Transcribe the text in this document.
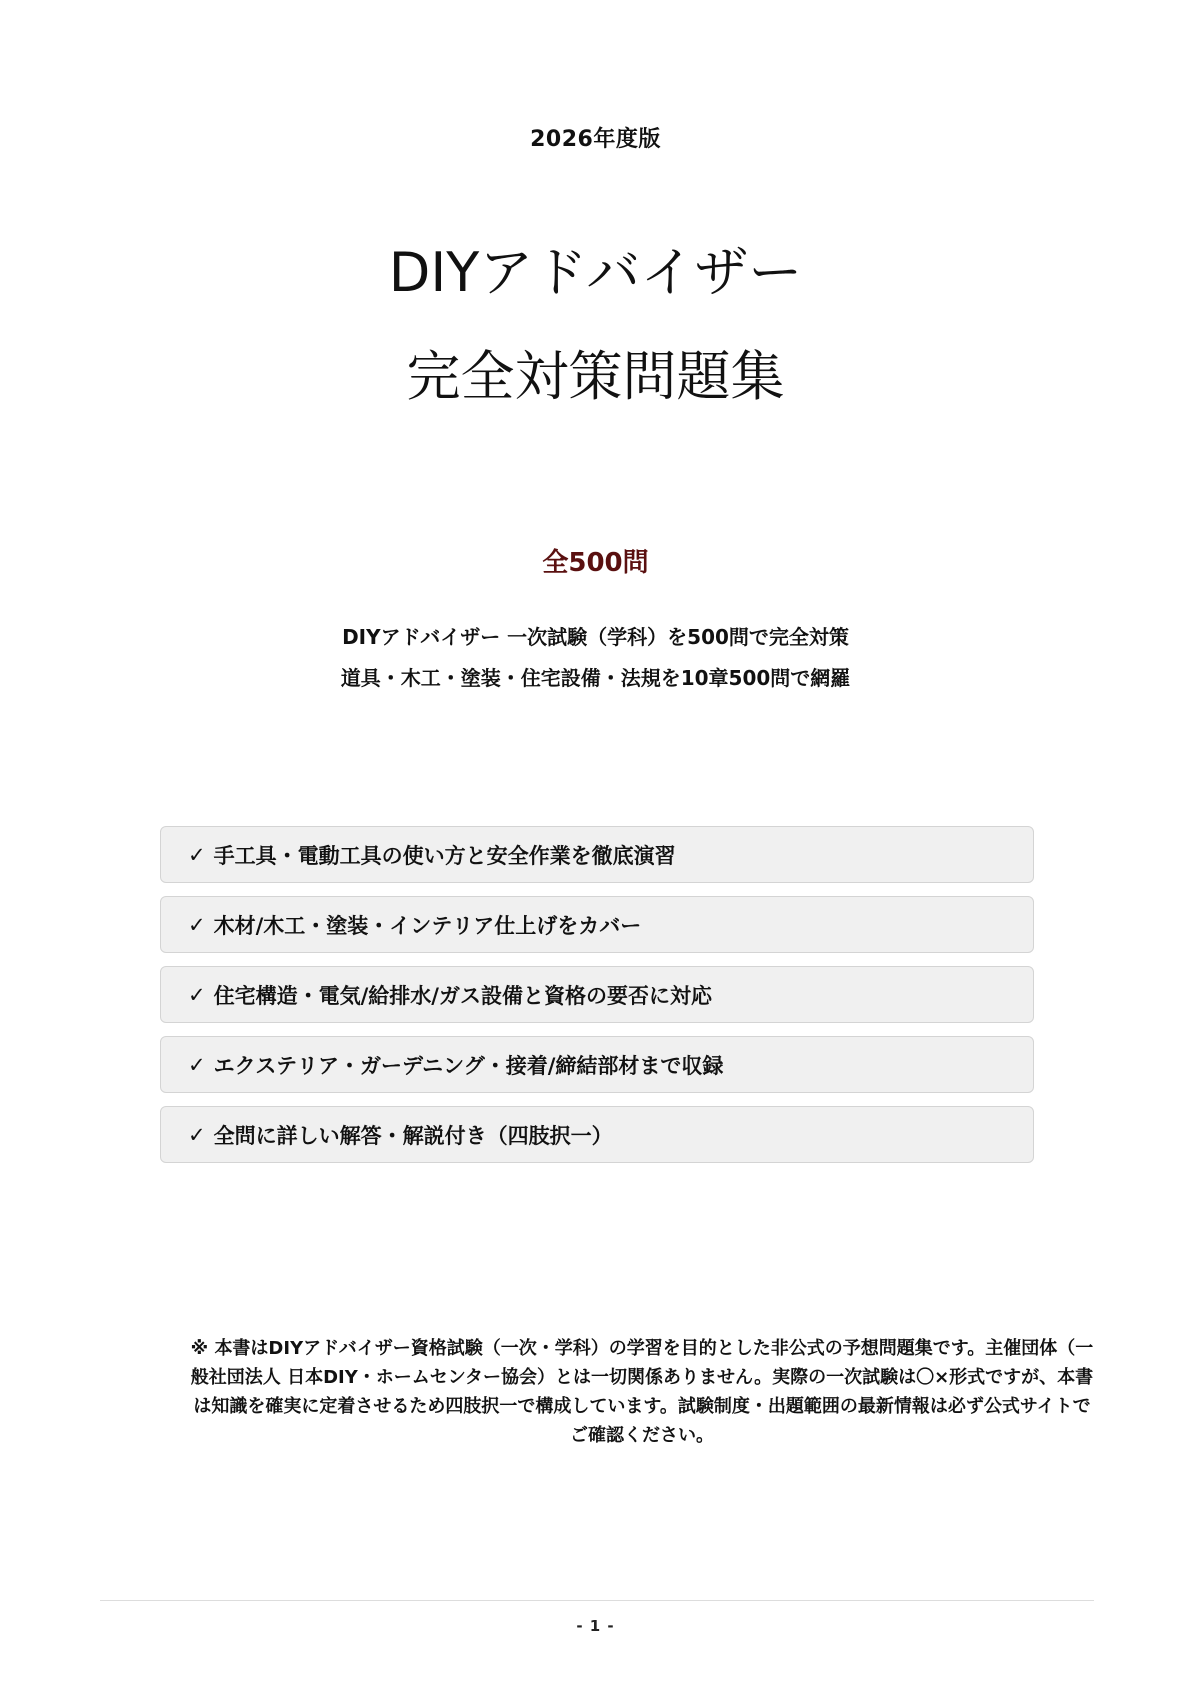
2026年度版
DIYアドバイザー
完全対策問題集
全500問
DIYアドバイザー 一次試験（学科）を500問で完全対策
道具・木工・塗装・住宅設備・法規を10章500問で網羅
✓ 手工具・電動工具の使い方と安全作業を徹底演習
✓ 木材/木工・塗装・インテリア仕上げをカバー
✓ 住宅構造・電気/給排水/ガス設備と資格の要否に対応
✓ エクステリア・ガーデニング・接着/締結部材まで収録
✓ 全問に詳しい解答・解説付き（四肢択一）
※ 本書はDIYアドバイザー資格試験（一次・学科）の学習を目的とした非公式の予想問題集です。主催団体（一般社団法人 日本DIY・ホームセンター協会）とは一切関係ありません。実際の一次試験は〇×形式ですが、本書は知識を確実に定着させるため四肢択一で構成しています。試験制度・出題範囲の最新情報は必ず公式サイトでご確認ください。
- 1 -
